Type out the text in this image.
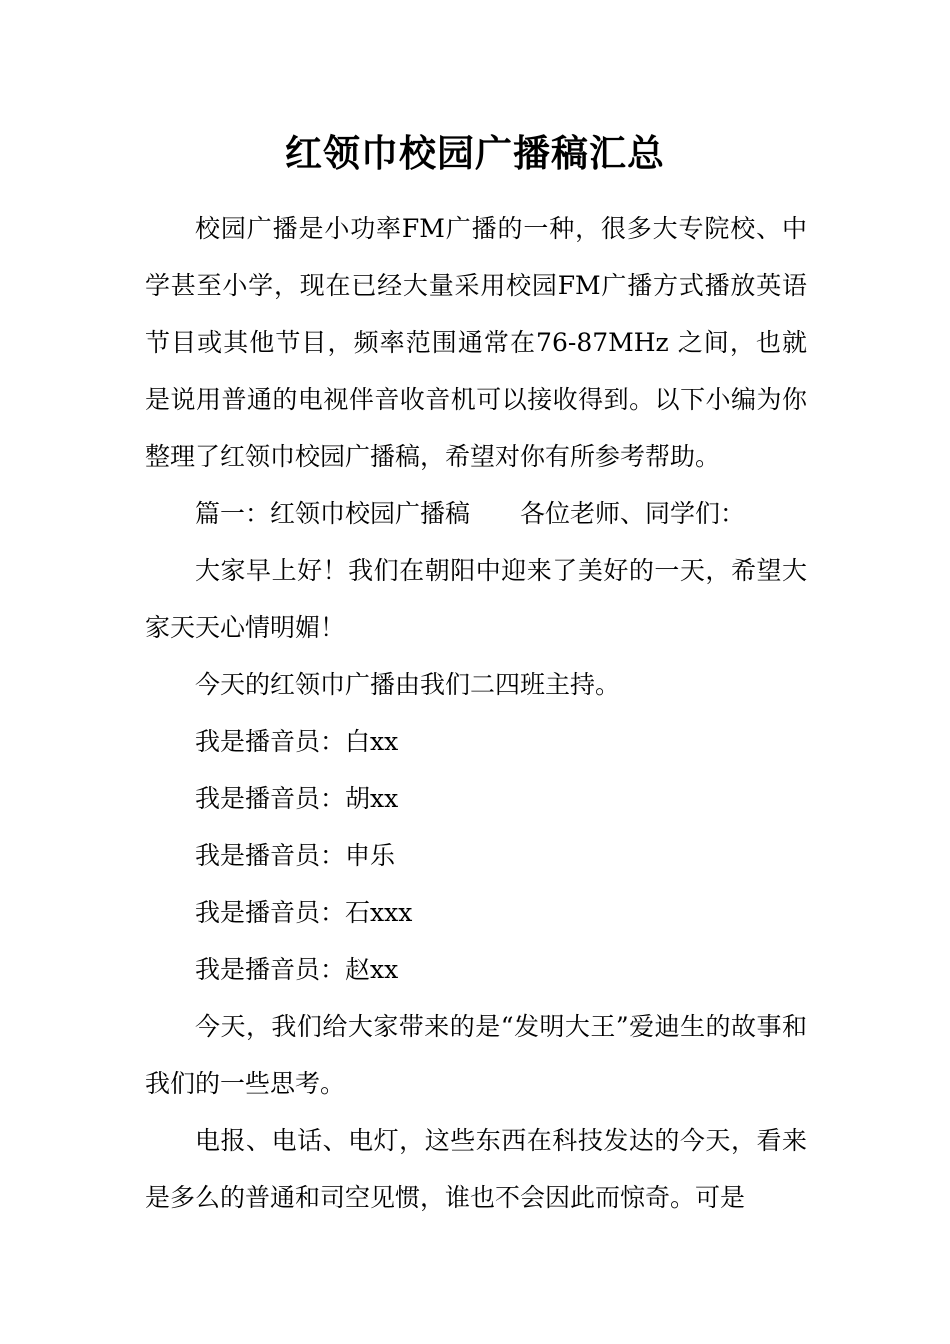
红领巾校园广播稿汇总

校园广播是小功率FM广播的一种，很多大专院校、中学甚至小学，现在已经大量采用校园FM广播方式播放英语节目或其他节目，频率范围通常在76-87MHz 之间，也就是说用普通的电视伴音收音机可以接收得到。以下小编为你整理了红领巾校园广播稿，希望对你有所参考帮助。

篇一：红领巾校园广播稿　　各位老师、同学们：

大家早上好！我们在朝阳中迎来了美好的一天，希望大家天天心情明媚！

今天的红领巾广播由我们二四班主持。

我是播音员：白xx

我是播音员：胡xx

我是播音员：申乐

我是播音员：石xxx

我是播音员：赵xx

今天，我们给大家带来的是“发明大王”爱迪生的故事和我们的一些思考。

电报、电话、电灯，这些东西在科技发达的今天，看来是多么的普通和司空见惯，谁也不会因此而惊奇。可是
